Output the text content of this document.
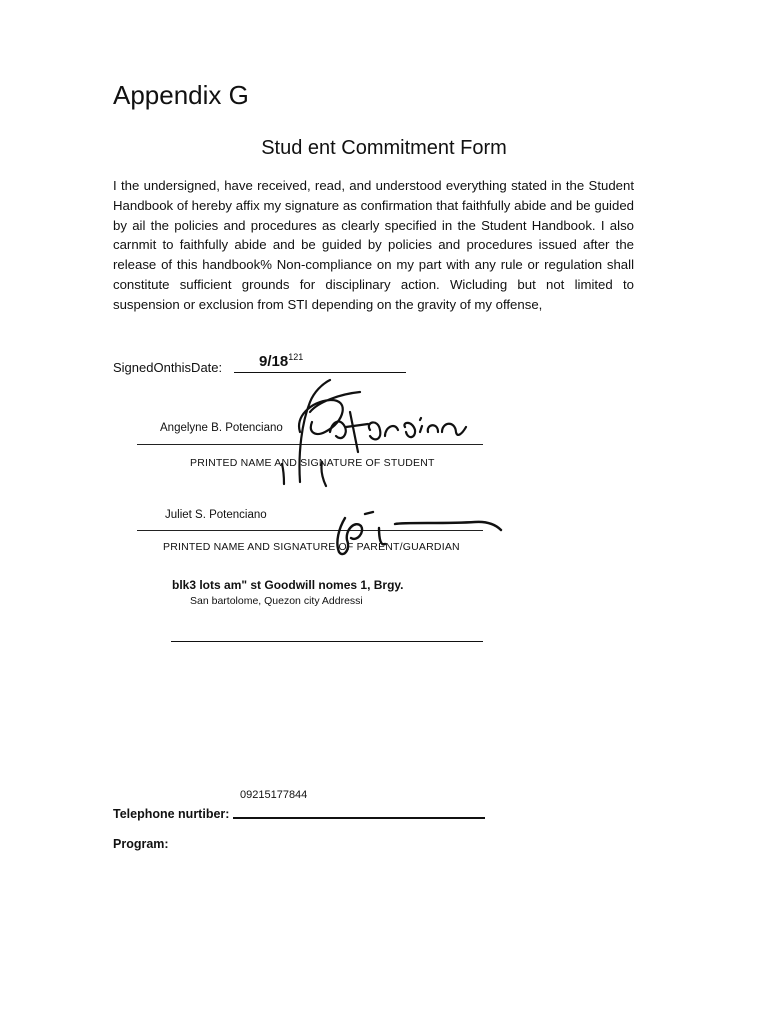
Appendix G
Stud ent Commitment Form
I the undersigned, have received, read, and understood everything stated in the Student Handbook of hereby affix my signature as confirmation that faithfully abide and be guided by ail the policies and procedures as clearly specified in the Student Handbook. I also carnmit to faithfully abide and be guided by policies and procedures issued after the release of this handbook% Non-compliance on my part with any rule or regulation shall constitute sufficient grounds for disciplinary action. Wicluding but not limited to suspension or exclusion from STI depending on the gravity of my offense,
SignedOnthisDate: $9/18^{121}$
Angelyne B. Potenciano
PRINTED NAME AND SIGNATURE OF STUDENT
Juliet S. Potenciano
PRINTED NAME AND SIGNATURE OF PARENT/GUARDIAN
blk3 lots am" st Goodwill nomes 1, Brgy.
San bartolome, Quezon city Addressi
09215177844
Telephone nurtiber:
Program:
